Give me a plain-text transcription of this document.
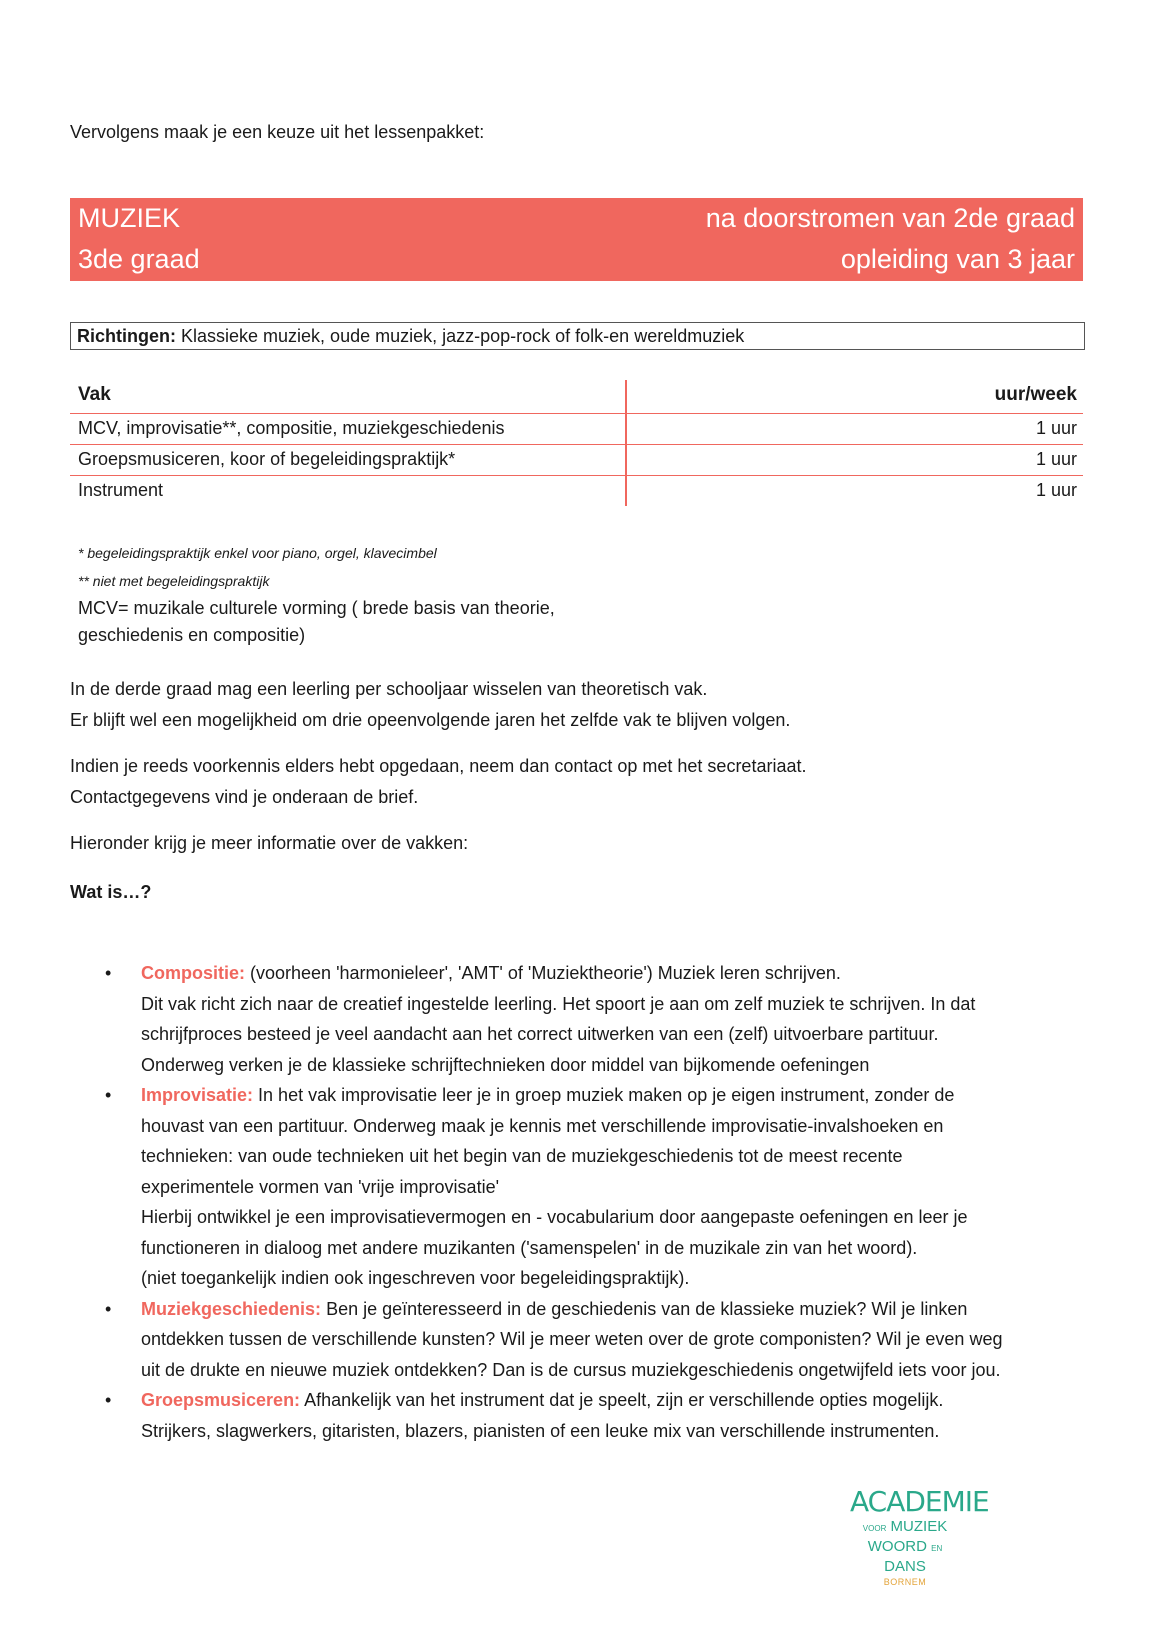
Vervolgens maak je een keuze uit het lessenpakket:
MUZIEK
3de graad
na doorstromen van 2de graad
opleiding van 3 jaar
Richtingen: Klassieke muziek, oude muziek, jazz-pop-rock of folk-en wereldmuziek
Vak	uur/week
MCV, improvisatie**, compositie, muziekgeschiedenis	1 uur
Groepsmusiceren, koor of begeleidingspraktijk*	1 uur
Instrument	1 uur
* begeleidingspraktijk enkel voor piano, orgel, klavecimbel
** niet met begeleidingspraktijk
MCV= muzikale culturele vorming ( brede basis van theorie, geschiedenis en compositie)
In de derde graad mag een leerling per schooljaar wisselen van theoretisch vak.
Er blijft wel een mogelijkheid om drie opeenvolgende jaren het zelfde vak te blijven volgen.
Indien je reeds voorkennis elders hebt opgedaan, neem dan contact op met het secretariaat.
Contactgegevens vind je onderaan de brief.
Hieronder krijg je meer informatie over de vakken:
Wat is…?
• Compositie: (voorheen 'harmonieleer', 'AMT' of 'Muziektheorie') Muziek leren schrijven.
Dit vak richt zich naar de creatief ingestelde leerling. Het spoort je aan om zelf muziek te schrijven. In dat
schrijfproces besteed je veel aandacht aan het correct uitwerken van een (zelf) uitvoerbare partituur.
Onderweg verken je de klassieke schrijftechnieken door middel van bijkomende oefeningen
• Improvisatie: In het vak improvisatie leer je in groep muziek maken op je eigen instrument, zonder de
houvast van een partituur. Onderweg maak je kennis met verschillende improvisatie-invalshoeken en
technieken: van oude technieken uit het begin van de muziekgeschiedenis tot de meest recente
experimentele vormen van 'vrije improvisatie'
Hierbij ontwikkel je een improvisatievermogen en - vocabularium door aangepaste oefeningen en leer je
functioneren in dialoog met andere muzikanten ('samenspelen' in de muzikale zin van het woord).
(niet toegankelijk indien ook ingeschreven voor begeleidingspraktijk).
• Muziekgeschiedenis: Ben je geïnteresseerd in de geschiedenis van de klassieke muziek? Wil je linken
ontdekken tussen de verschillende kunsten? Wil je meer weten over de grote componisten? Wil je even weg
uit de drukte en nieuwe muziek ontdekken? Dan is de cursus muziekgeschiedenis ongetwijfeld iets voor jou.
• Groepsmusiceren: Afhankelijk van het instrument dat je speelt, zijn er verschillende opties mogelijk.
Strijkers, slagwerkers, gitaristen, blazers, pianisten of een leuke mix van verschillende instrumenten.
ACADEMIE
VOOR MUZIEK
WOORD EN DANS
BORNEM
